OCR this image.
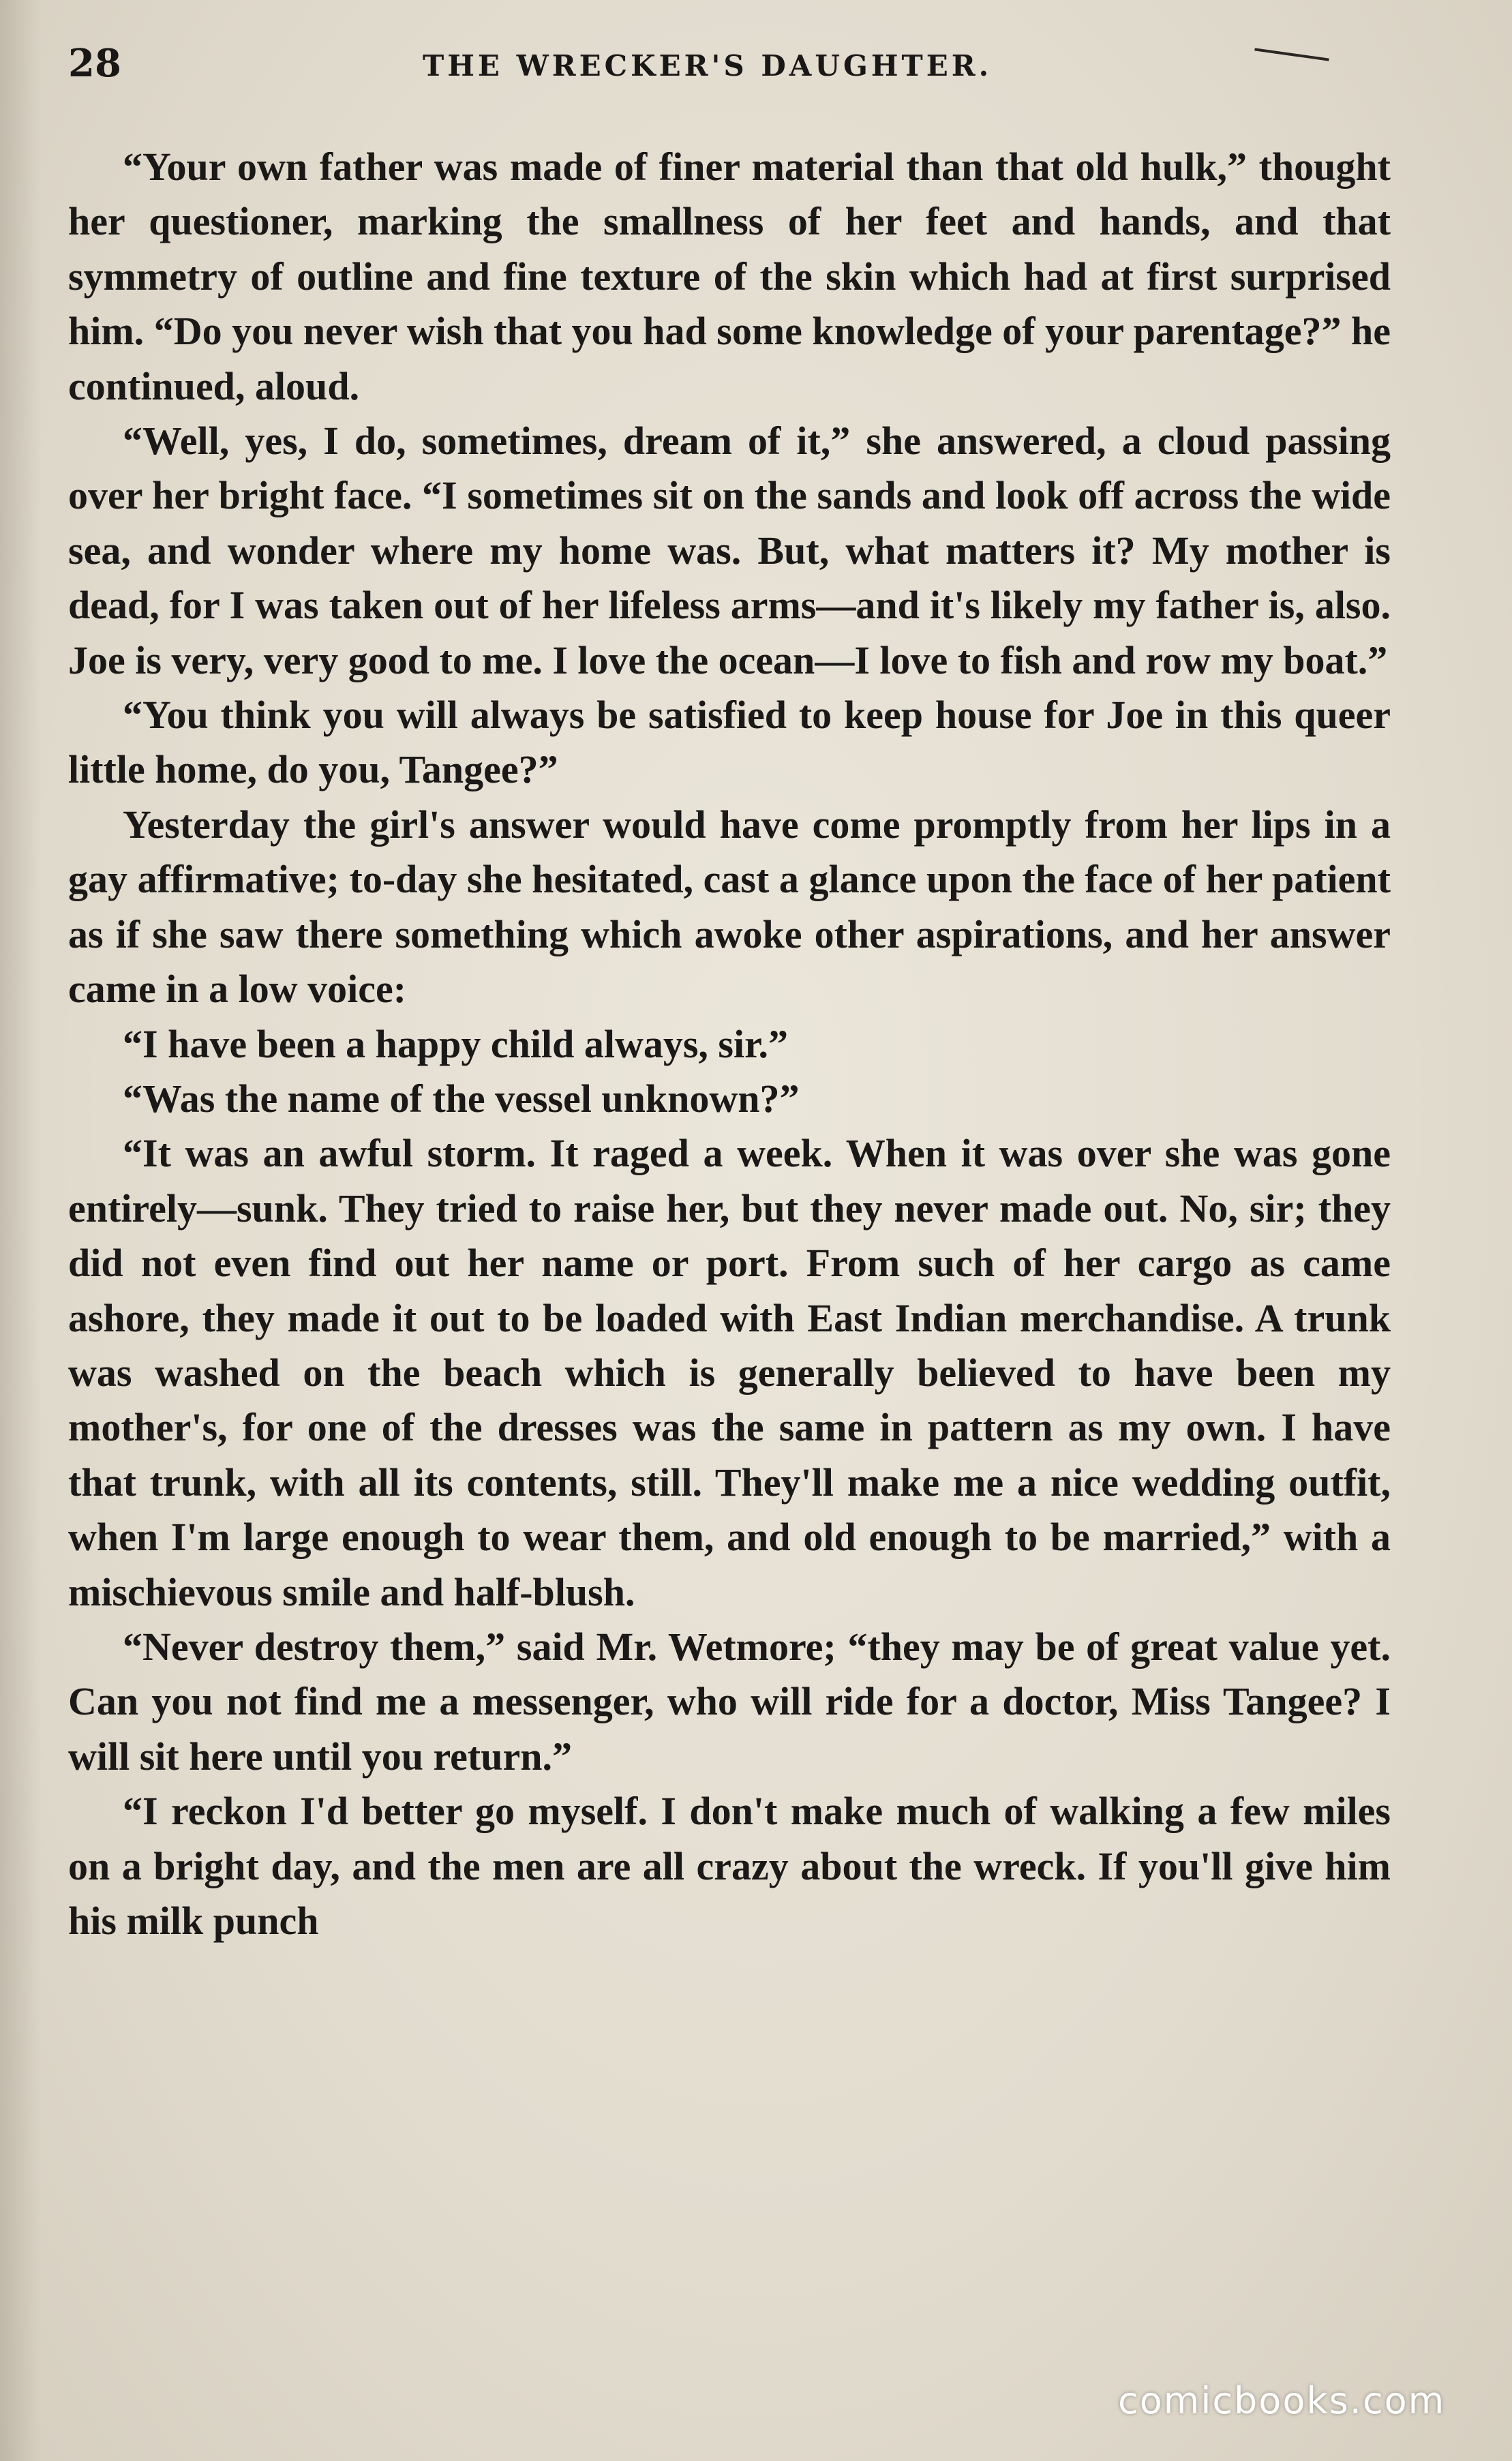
28	THE WRECKER'S DAUGHTER.

“Your own father was made of finer material than that old hulk,” thought her questioner, marking the smallness of her feet and hands, and that symmetry of outline and fine texture of the skin which had at first surprised him. “Do you never wish that you had some knowledge of your parentage?” he continued, aloud.

“Well, yes, I do, sometimes, dream of it,” she answered, a cloud passing over her bright face. “I sometimes sit on the sands and look off across the wide sea, and wonder where my home was. But, what matters it? My mother is dead, for I was taken out of her lifeless arms—and it's likely my father is, also. Joe is very, very good to me. I love the ocean—I love to fish and row my boat.”

“You think you will always be satisfied to keep house for Joe in this queer little home, do you, Tangee?”

Yesterday the girl's answer would have come promptly from her lips in a gay affirmative; to-day she hesitated, cast a glance upon the face of her patient as if she saw there something which awoke other aspirations, and her answer came in a low voice:

“I have been a happy child always, sir.”

“Was the name of the vessel unknown?”

“It was an awful storm. It raged a week. When it was over she was gone entirely—sunk. They tried to raise her, but they never made out. No, sir; they did not even find out her name or port. From such of her cargo as came ashore, they made it out to be loaded with East Indian merchandise. A trunk was washed on the beach which is generally believed to have been my mother's, for one of the dresses was the same in pattern as my own. I have that trunk, with all its contents, still. They'll make me a nice wedding outfit, when I'm large enough to wear them, and old enough to be married,” with a mischievous smile and half-blush.

“Never destroy them,” said Mr. Wetmore; “they may be of great value yet. Can you not find me a messenger, who will ride for a doctor, Miss Tangee? I will sit here until you return.”

“I reckon I'd better go myself. I don't make much of walking a few miles on a bright day, and the men are all crazy about the wreck. If you'll give him his milk punch

comicbooks.com
